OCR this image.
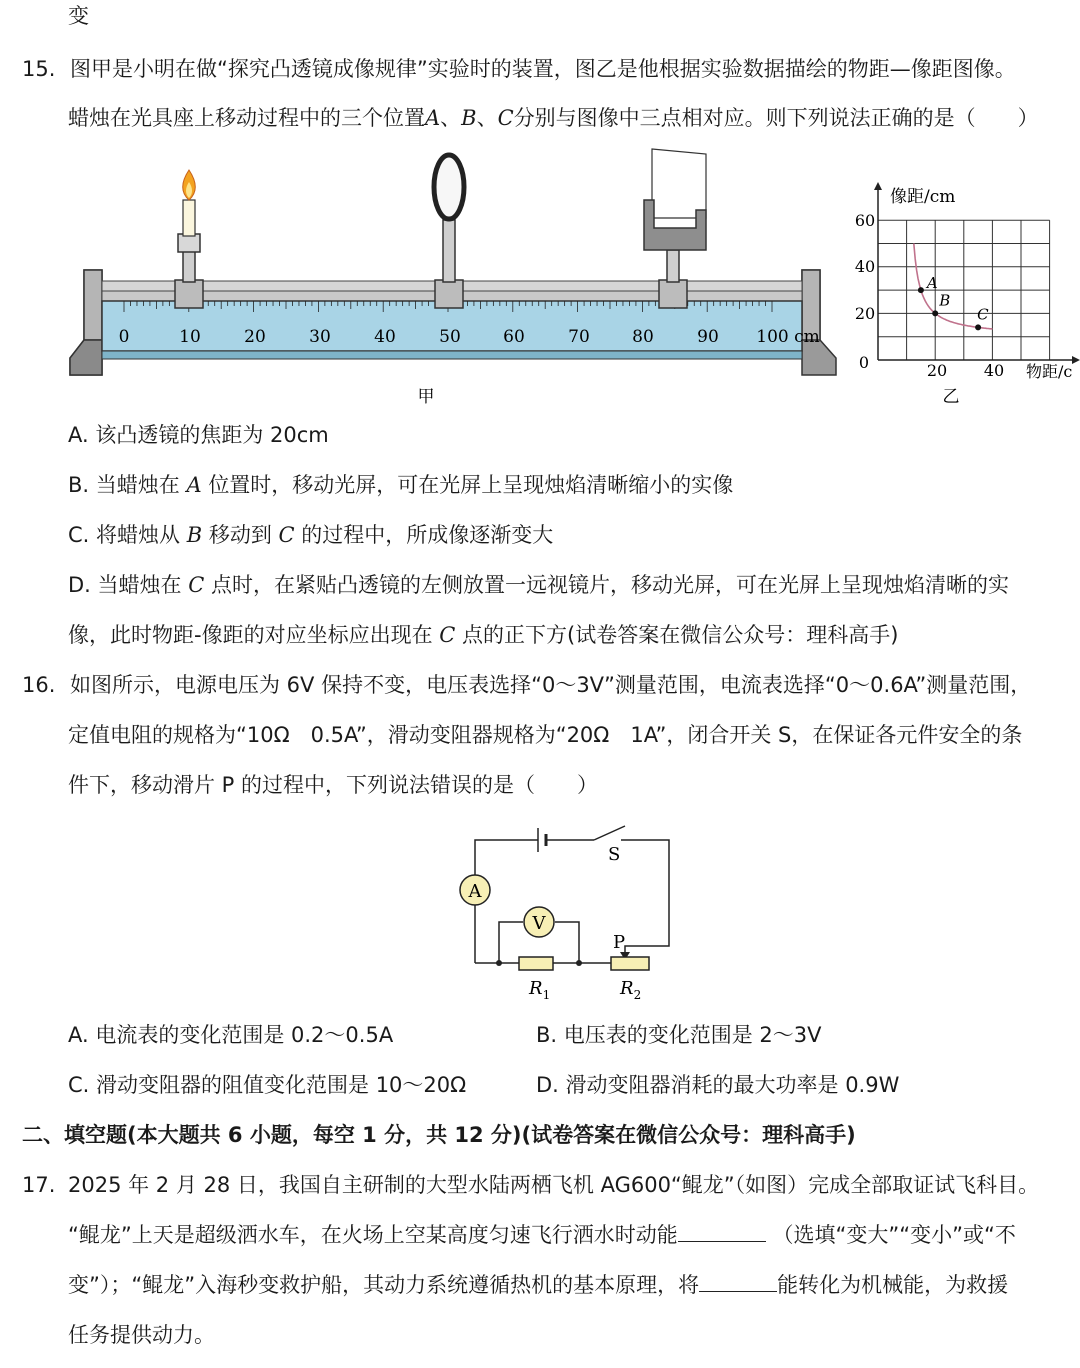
变
15. 图甲是小明在做“探究凸透镜成像规律”实验时的装置，图乙是他根据实验数据描绘的物距—像距图像。
蜡烛在光具座上移动过程中的三个位置A、B、C分别与图像中三点相对应。则下列说法正确的是（　　）
0	10	20	30	40	50 60	70 80	90 100 cm
甲
像距/cm
物距/c
0
20
40
60
20 40
A
B
C
乙
A. 该凸透镜的焦距为 20cm
B. 当蜡烛在 A 位置时，移动光屏，可在光屏上呈现烛焰清晰缩小的实像
C. 将蜡烛从 B 移动到 C 的过程中，所成像逐渐变大
D. 当蜡烛在 C 点时，在紧贴凸透镜的左侧放置一远视镜片，移动光屏，可在光屏上呈现烛焰清晰的实
像，此时物距-像距的对应坐标应出现在 C 点的正下方(试卷答案在微信公众号：理科高手)
16. 如图所示，电源电压为 6V 保持不变，电压表选择“0～3V”测量范围，电流表选择“0～0.6A”测量范围，
定值电阻的规格为“10Ω　0.5A”，滑动变阻器规格为“20Ω　1A”，闭合开关 S，在保证各元件安全的条
件下，移动滑片 P 的过程中，下列说法错误的是（　　）
A
V
S
P
$R_1$	$R_2$
A. 电流表的变化范围是 0.2～0.5A	B. 电压表的变化范围是 2～3V
C. 滑动变阻器的阻值变化范围是 10～20Ω	D. 滑动变阻器消耗的最大功率是 0.9W
二、填空题(本大题共 6 小题，每空 1 分，共 12 分)(试卷答案在微信公众号：理科高手)
17. 2025 年 2 月 28 日，我国自主研制的大型水陆两栖飞机 AG600“鲲龙”（如图）完成全部取证试飞科目。
“鲲龙”上天是超级洒水车，在火场上空某高度匀速飞行洒水时动能	（选填“变大”“变小”或“不
变”）；“鲲龙”入海秒变救护船，其动力系统遵循热机的基本原理，将	能转化为机械能，为救援
任务提供动力。
